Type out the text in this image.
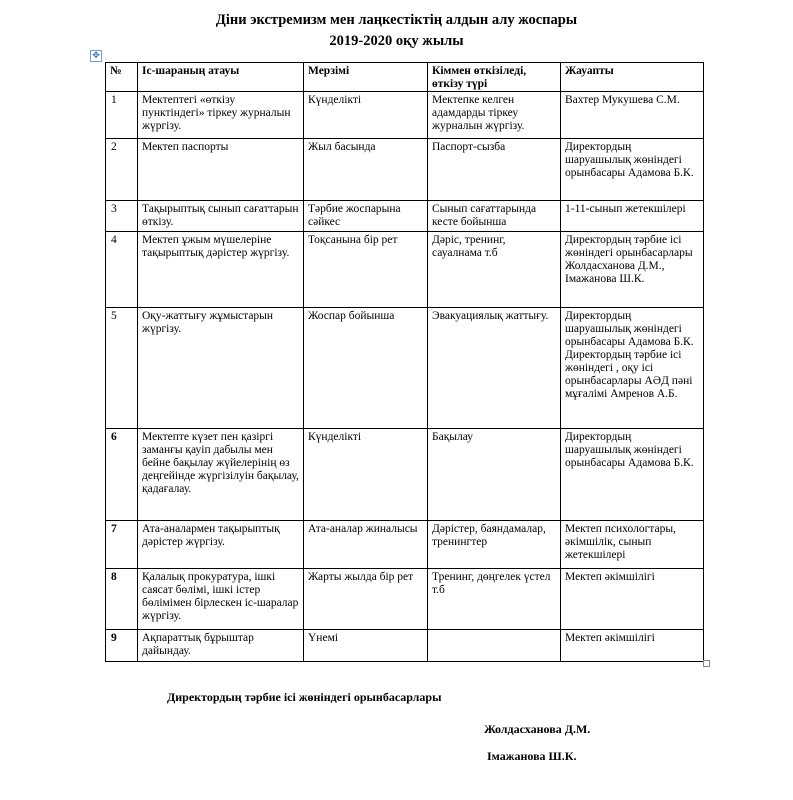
Діни экстремизм мен лаңкестіктің алдын алу жоспары
2019-2020 оқу жылы
✥
№	Іс-шараның атауы	Мерзімі	Кіммен өткізіледі, өткізу түрі	Жауапты
1	Мектептегі «өткізу пунктіндегі» тіркеу журналын жүргізу.	Күнделікті	Мектепке келген адамдарды тіркеу журналын жүргізу.	Вахтер Мукушева С.М.
2	Мектеп паспорты	Жыл басында	Паспорт-сызба	Директордың шаруашылық жөніндегі орынбасары Адамова Б.К.
3	Тақырыптық сынып сағаттарын өткізу.	Тәрбие жоспарына сәйкес	Сынып сағаттарында кесте бойынша	1-11-сынып жетекшілері
4	Мектеп ұжым мүшелеріне тақырыптық дәрістер жүргізу.	Тоқсанына бір рет	Дәріс, тренинг, сауалнама т.б	Директордың тәрбие ісі жөніндегі орынбасарлары Жолдасханова Д.М., Імажанова Ш.К.
5	Оқу-жаттығу жұмыстарын жүргізу.	Жоспар бойынша	Эвакуациялық жаттығу.	Директордың шаруашылық жөніндегі орынбасары Адамова Б.К. Директордың тәрбие ісі жөніндегі , оқу ісі орынбасарлары АӘД пәні мұғалімі Амренов А.Б.
6	Мектепте күзет пен қазіргі заманғы қауіп дабылы мен бейне бақылау жүйелерінің өз деңгейінде жүргізілуін бақылау, қадағалау.	Күнделікті	Бақылау	Директордың шаруашылық жөніндегі орынбасары Адамова Б.К.
7	Ата-аналармен тақырыптық дәрістер жүргізу.	Ата-аналар жиналысы	Дәрістер, баяндамалар, тренингтер	Мектеп психологтары, әкімшілік, сынып жетекшілері
8	Қалалық прокуратура, ішкі саясат бөлімі, ішкі істер бөлімімен бірлескен іс-шаралар жүргізу.	Жарты жылда бір рет	Тренинг, дөңгелек үстел т.б	Мектеп әкімшілігі
9	Ақпараттық бұрыштар дайындау.	Үнемі		Мектеп әкімшілігі
Директордың тәрбие ісі жөніндегі орынбасарлары
Жолдасханова Д.М.
Імажанова Ш.К.
